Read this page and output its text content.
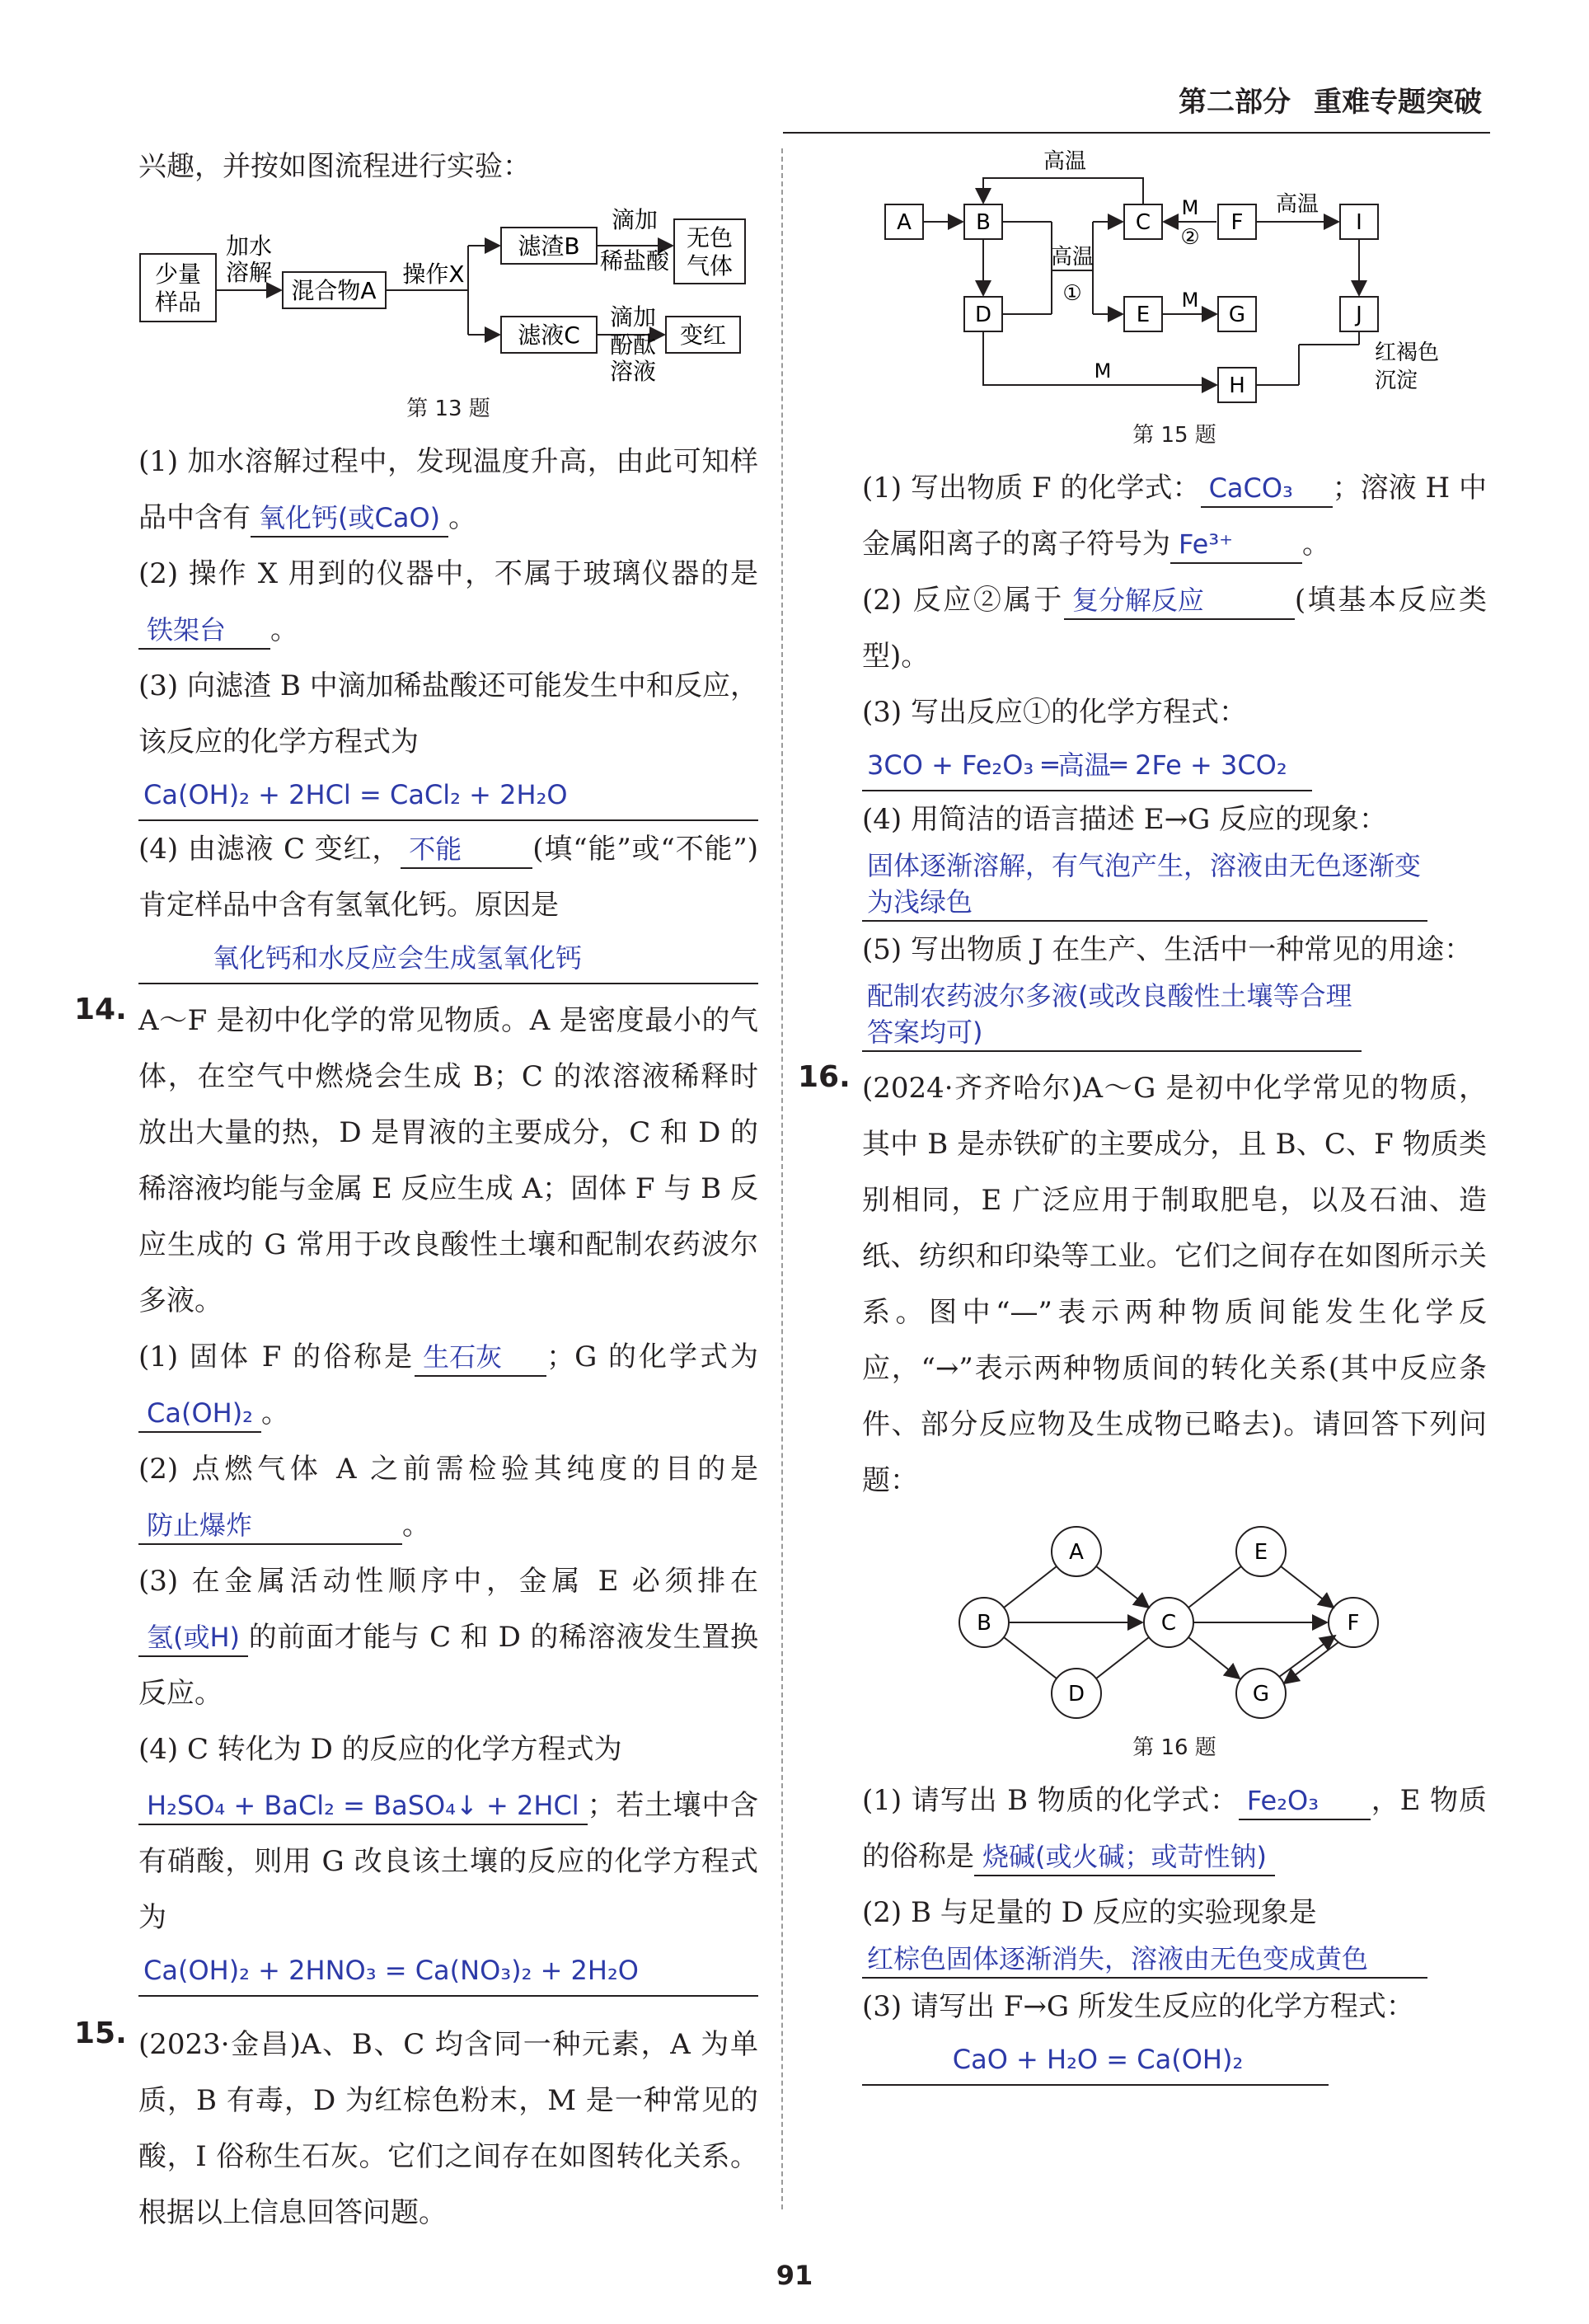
第二部分 重难专题突破

兴趣，并按如图流程进行实验：

少量
样品
加水
溶解
混合物A
操作X
滤渣B
滴加
稀盐酸
无色
气体
滤液C
滴加
酚酞
溶液
变红
第 13 题

(1) 加水溶解过程中，发现温度升高，由此可知样品中含有 氧化钙(或CaO) 。

(2) 操作 X 用到的仪器中，不属于玻璃仪器的是铁架台 。

(3) 向滤渣 B 中滴加稀盐酸还可能发生中和反应，该反应的化学方程式为

Ca(OH)₂ + 2HCl = CaCl₂ + 2H₂O

(4) 由滤液 C 变红， 不能	(填“能”或“不能”)肯定样品中含有氢氧化钙。原因是

氧化钙和水反应会生成氢氧化钙
14. A～F 是初中化学的常见物质。A 是密度最小的气体，在空气中燃烧会生成 B；C 的浓溶液稀释时放出大量的热，D 是胃液的主要成分，C 和 D 的稀溶液均能与金属 E 反应生成 A；固体 F 与 B 反应生成的 G 常用于改良酸性土壤和配制农药波尔多液。

(1) 固体 F 的俗称是 生石灰 ；G 的化学式为Ca(OH)₂ 。

(2) 点燃气体 A 之前需检验其纯度的目的是防止爆炸	。

(3) 在金属活动性顺序中，金属 E 必须排在氢(或H) 的前面才能与 C 和 D 的稀溶液发生置换反应。

(4) C 转化为 D 的反应的化学方程式为

H₂SO₄ + BaCl₂ = BaSO₄↓ + 2HCl ；若土壤中含有硝酸，则用 G 改良该土壤的反应的化学方程式为

Ca(OH)₂ + 2HNO₃ = Ca(NO₃)₂ + 2H₂O
15. (2023·金昌)A、B、C 均含同一种元素，A 为单质，B 有毒，D 为红棕色粉末，M 是一种常见的酸，I 俗称生石灰。它们之间存在如图转化关系。根据以上信息回答问题。

A	B	C
D	E
F
G
H
I
J
高温
高温
①
②
M
M
M
高温
红褐色
沉淀
第 15 题

(1) 写出物质 F 的化学式： CaCO₃ ；溶液 H 中金属阳离子的离子符号为 Fe³⁺ 。

(2) 反应②属于 复分解反应	(填基本反应类型)。

(3) 写出反应①的化学方程式：

3CO + Fe₂O₃ ═高温═ 2Fe + 3CO₂

(4) 用简洁的语言描述 E→G 反应的现象：

固体逐渐溶解，有气泡产生，溶液由无色逐渐变为浅绿色

(5) 写出物质 J 在生产、生活中一种常见的用途：

配制农药波尔多液(或改良酸性土壤等合理答案均可)
16. (2024·齐齐哈尔)A～G 是初中化学常见的物质，其中 B 是赤铁矿的主要成分，且 B、C、F 物质类别相同，E 广泛应用于制取肥皂，以及石油、造纸、纺织和印染等工业。它们之间存在如图所示关系。图中“—”表示两种物质间能发生化学反应，“→”表示两种物质间的转化关系(其中反应条件、部分反应物及生成物已略去)。请回答下列问题：

A
B	C
D
E
F
G
第 16 题

(1) 请写出 B 物质的化学式： Fe₂O₃ ，E 物质的俗称是 烧碱(或火碱；或苛性钠)

(2) B 与足量的 D 反应的实验现象是

红棕色固体逐渐消失，溶液由无色变成黄色

(3) 请写出 F→G 所发生反应的化学方程式：

CaO + H₂O = Ca(OH)₂
91
